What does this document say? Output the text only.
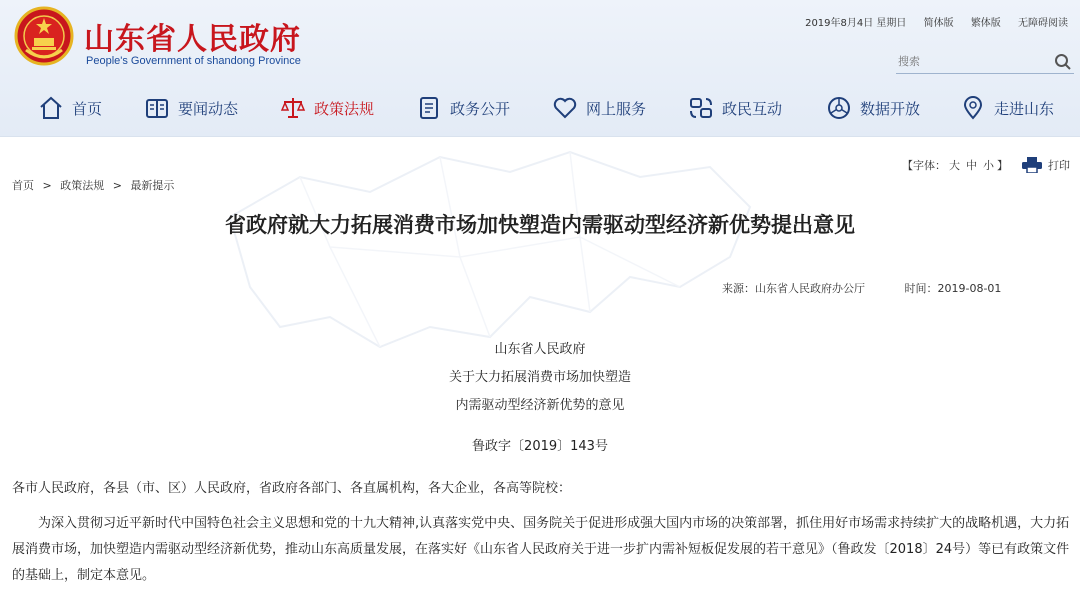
山东省人民政府
People's Government of shandong Province
2019年8月4日 星期日 简体版 繁体版 无障碍阅读
搜索
首页	要闻动态	政策法规	政务公开	网上服务	政民互动	数据开放	走进山东
【字体： 大 中 小 】	打印
首页 > 政策法规 > 最新提示
省政府就大力拓展消费市场加快塑造内需驱动型经济新优势提出意见
来源：山东省人民政府办公厅	时间：2019-08-01
山东省人民政府
关于大力拓展消费市场加快塑造
内需驱动型经济新优势的意见
鲁政字〔2019〕143号
各市人民政府，各县（市、区）人民政府，省政府各部门、各直属机构，各大企业，各高等院校：

为深入贯彻习近平新时代中国特色社会主义思想和党的十九大精神,认真落实党中央、国务院关于促进形成强大国内市场的决策部署，抓住用好市场需求持续扩大的战略机遇，大力拓展消费市场，加快塑造内需驱动型经济新优势，推动山东高质量发展，在落实好《山东省人民政府关于进一步扩内需补短板促发展的若干意见》（鲁政发〔2018〕24号）等已有政策文件的基础上，制定本意见。
